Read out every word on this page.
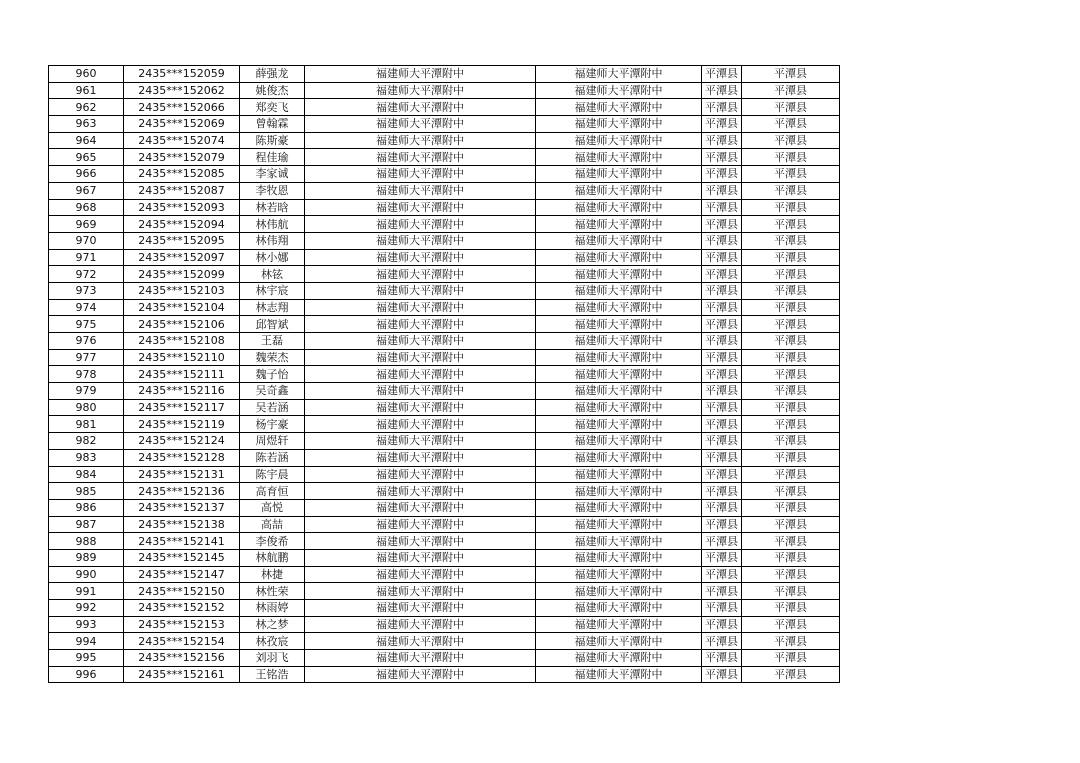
960	2435***152059	薛强龙	福建师大平潭附中	福建师大平潭附中	平潭县	平潭县
961	2435***152062	姚俊杰	福建师大平潭附中	福建师大平潭附中	平潭县	平潭县
962	2435***152066	郑奕飞	福建师大平潭附中	福建师大平潭附中	平潭县	平潭县
963	2435***152069	曾翰霖	福建师大平潭附中	福建师大平潭附中	平潭县	平潭县
964	2435***152074	陈斯豪	福建师大平潭附中	福建师大平潭附中	平潭县	平潭县
965	2435***152079	程佳瑜	福建师大平潭附中	福建师大平潭附中	平潭县	平潭县
966	2435***152085	李家诚	福建师大平潭附中	福建师大平潭附中	平潭县	平潭县
967	2435***152087	李牧恩	福建师大平潭附中	福建师大平潭附中	平潭县	平潭县
968	2435***152093	林若晗	福建师大平潭附中	福建师大平潭附中	平潭县	平潭县
969	2435***152094	林伟航	福建师大平潭附中	福建师大平潭附中	平潭县	平潭县
970	2435***152095	林伟翔	福建师大平潭附中	福建师大平潭附中	平潭县	平潭县
971	2435***152097	林小娜	福建师大平潭附中	福建师大平潭附中	平潭县	平潭县
972	2435***152099	林铉	福建师大平潭附中	福建师大平潭附中	平潭县	平潭县
973	2435***152103	林宇宸	福建师大平潭附中	福建师大平潭附中	平潭县	平潭县
974	2435***152104	林志翔	福建师大平潭附中	福建师大平潭附中	平潭县	平潭县
975	2435***152106	邱智斌	福建师大平潭附中	福建师大平潭附中	平潭县	平潭县
976	2435***152108	王磊	福建师大平潭附中	福建师大平潭附中	平潭县	平潭县
977	2435***152110	魏荣杰	福建师大平潭附中	福建师大平潭附中	平潭县	平潭县
978	2435***152111	魏子怡	福建师大平潭附中	福建师大平潭附中	平潭县	平潭县
979	2435***152116	吴奇鑫	福建师大平潭附中	福建师大平潭附中	平潭县	平潭县
980	2435***152117	吴若涵	福建师大平潭附中	福建师大平潭附中	平潭县	平潭县
981	2435***152119	杨宇豪	福建师大平潭附中	福建师大平潭附中	平潭县	平潭县
982	2435***152124	周煜轩	福建师大平潭附中	福建师大平潭附中	平潭县	平潭县
983	2435***152128	陈若涵	福建师大平潭附中	福建师大平潭附中	平潭县	平潭县
984	2435***152131	陈宇晨	福建师大平潭附中	福建师大平潭附中	平潭县	平潭县
985	2435***152136	高育恒	福建师大平潭附中	福建师大平潭附中	平潭县	平潭县
986	2435***152137	高悦	福建师大平潭附中	福建师大平潭附中	平潭县	平潭县
987	2435***152138	高喆	福建师大平潭附中	福建师大平潭附中	平潭县	平潭县
988	2435***152141	李俊希	福建师大平潭附中	福建师大平潭附中	平潭县	平潭县
989	2435***152145	林航鹏	福建师大平潭附中	福建师大平潭附中	平潭县	平潭县
990	2435***152147	林捷	福建师大平潭附中	福建师大平潭附中	平潭县	平潭县
991	2435***152150	林性荣	福建师大平潭附中	福建师大平潭附中	平潭县	平潭县
992	2435***152152	林雨婷	福建师大平潭附中	福建师大平潭附中	平潭县	平潭县
993	2435***152153	林之梦	福建师大平潭附中	福建师大平潭附中	平潭县	平潭县
994	2435***152154	林孜宸	福建师大平潭附中	福建师大平潭附中	平潭县	平潭县
995	2435***152156	刘羽飞	福建师大平潭附中	福建师大平潭附中	平潭县	平潭县
996	2435***152161	王铭浩	福建师大平潭附中	福建师大平潭附中	平潭县	平潭县
